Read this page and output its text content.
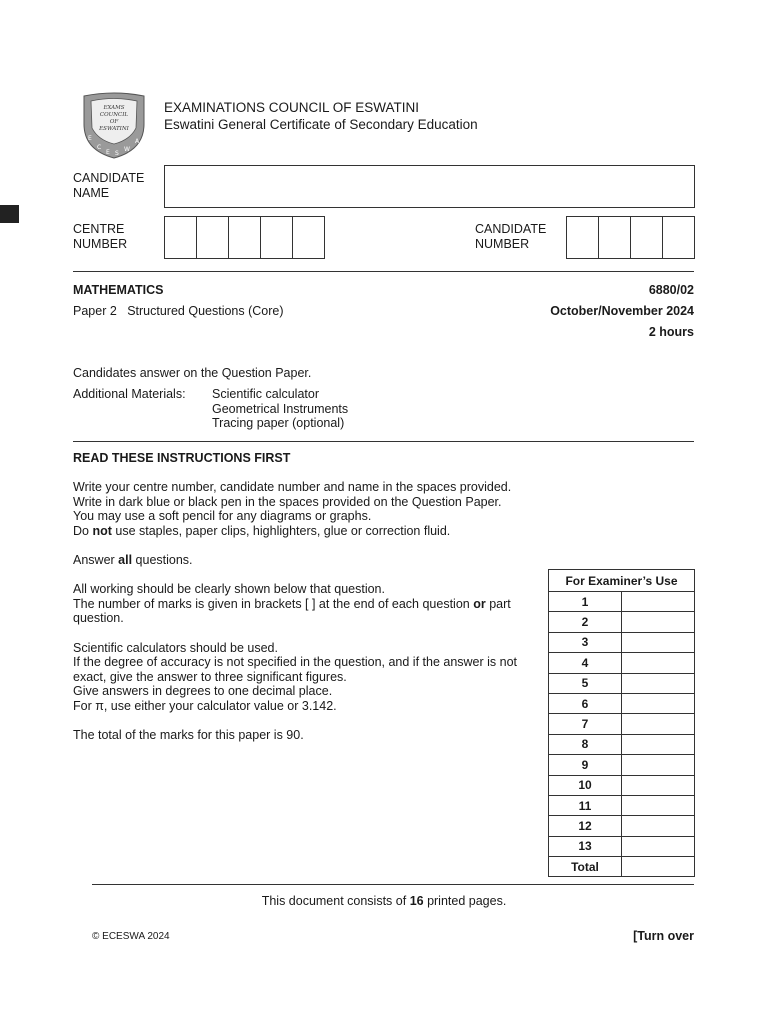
EXAMS
COUNCIL
OF
ESWATINI
E
C
E S
W
A
EXAMINATIONS COUNCIL OF ESWATINI
Eswatini General Certificate of Secondary Education
CANDIDATE
NAME
CENTRE
NUMBER
CANDIDATE
NUMBER
MATHEMATICS	6880/02
Paper 2 Structured Questions (Core)	October/November 2024
2 hours
Candidates answer on the Question Paper.
Additional Materials: Scientific calculator
Geometrical Instruments
Tracing paper (optional)
READ THESE INSTRUCTIONS FIRST

Write your centre number, candidate number and name in the spaces provided.

Write in dark blue or black pen in the spaces provided on the Question Paper.

You may use a soft pencil for any diagrams or graphs.

Do not use staples, paper clips, highlighters, glue or correction fluid.

Answer all questions.

All working should be clearly shown below that question.

The number of marks is given in brackets [ ] at the end of each question or part

question.

Scientific calculators should be used.

If the degree of accuracy is not specified in the question, and if the answer is not

exact, give the answer to three significant figures.

Give answers in degrees to one decimal place.

For π, use either your calculator value or 3.142.

The total of the marks for this paper is 90.

For Examiner’s Use	
1	
2	
3	
4	
5	
6	
7	
8	
9	
10	
11	
12	
13	
Total	
This document consists of 16 printed pages.
© ECESWA 2024	[Turn over
